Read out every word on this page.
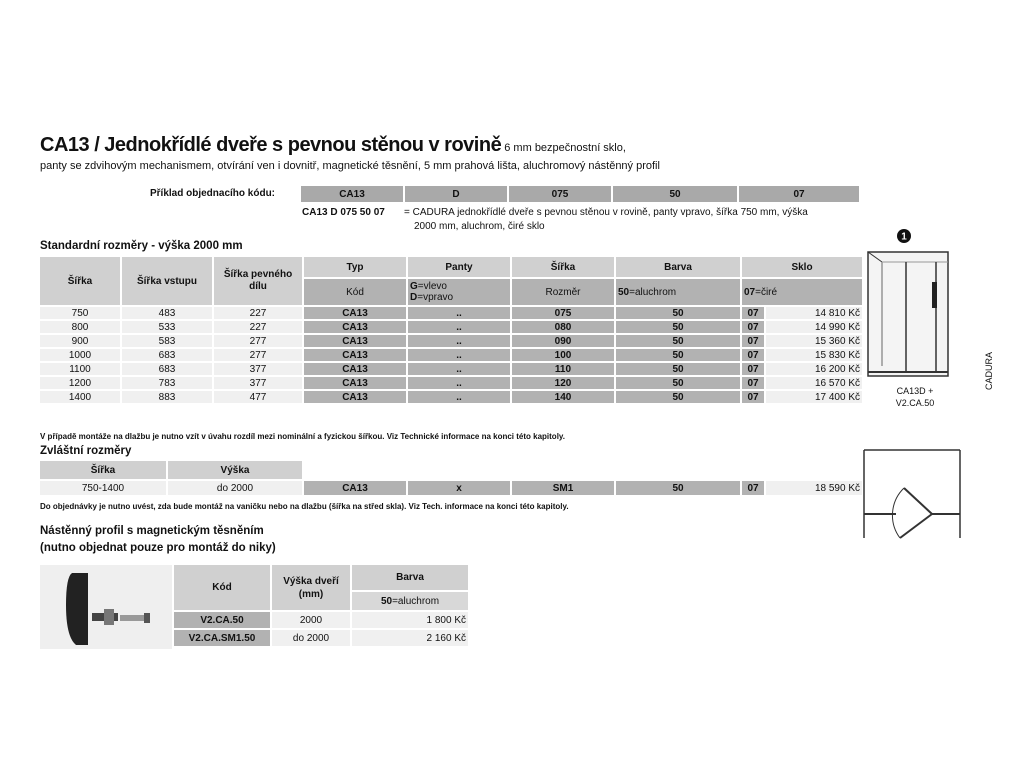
CA13 / Jednokřídlé dveře s pevnou stěnou v rovině 6 mm bezpečnostní sklo,
panty se zdvihovým mechanismem, otvírání ven i dovnitř, magnetické těsnění, 5 mm prahová lišta, aluchromový nástěnný profil
Příklad objednacího kódu:	CA13	D	075	50	07
CA13 D 075 50 07 = CADURA jednokřídlé dveře s pevnou stěnou v rovině, panty vpravo, šířka 750 mm, výška
2000 mm, aluchrom, čiré sklo
Standardní rozměry - výška 2000 mm
Šířka	Šířka vstupu	Šířka pevného dílu	Typ	Panty	Šířka	Barva	Sklo	
			Kód	G=vlevo
D=vpravo	Rozměr	50=aluchrom	07=čiré	
750	483	227	CA13	..	075	50	07	14 810 Kč
800	533	227	CA13	..	080	50	07	14 990 Kč
900	583	277	CA13	..	090	50	07	15 360 Kč
1000	683	277	CA13	..	100	50	07	15 830 Kč
1100	683	377	CA13	..	110	50	07	16 200 Kč
1200	783	377	CA13	..	120	50	07	16 570 Kč
1400	883	477	CA13	..	140	50	07	17 400 Kč
V případě montáže na dlažbu je nutno vzít v úvahu rozdíl mezi nominální a fyzickou šířkou. Viz Technické informace na konci této kapitoly.
Zvláštní rozměry
Šířka	Výška						
750-1400	do 2000	CA13	x	SM1	50	07	18 590 Kč
Do objednávky je nutno uvést, zda bude montáž na vaničku nebo na dlažbu (šířka na střed skla). Viz Tech. informace na konci této kapitoly.
Nástěnný profil s magnetickým těsněním
(nutno objednat pouze pro montáž do niky)
Kód	Výška dveří (mm)	Barva
		50=aluchrom
V2.CA.50	2000	1 800 Kč
V2.CA.SM1.50	do 2000	2 160 Kč
1
CA13D +
V2.CA.50
CADURA
